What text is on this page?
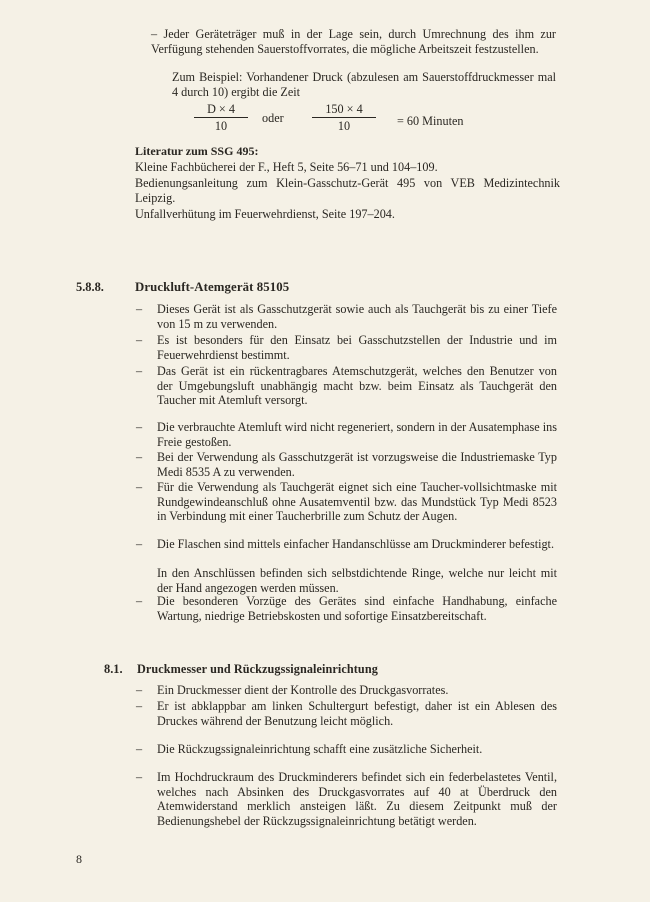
– Jeder Geräteträger muß in der Lage sein, durch Umrechnung des ihm zur Verfügung stehenden Sauerstoffvorrates, die mögliche Arbeitszeit festzustellen.
Zum Beispiel: Vorhandener Druck (abzulesen am Sauerstoffdruckmesser mal 4 durch 10) ergibt die Zeit
D × 4
10
oder
150 × 4
10	= 60 Minuten
Literatur zum SSG 495:
Kleine Fachbücherei der F., Heft 5, Seite 56–71 und 104–109.
Bedienungsanleitung zum Klein-Gasschutz-Gerät 495 von VEB Medizintechnik Leipzig.
Unfallverhütung im Feuerwehrdienst, Seite 197–204.
5.8.8. Druckluft-Atemgerät 85105
– Dieses Gerät ist als Gasschutzgerät sowie auch als Tauchgerät bis zu einer Tiefe von 15 m zu verwenden.
– Es ist besonders für den Einsatz bei Gasschutzstellen der Industrie und im Feuerwehrdienst bestimmt.
– Das Gerät ist ein rückentragbares Atemschutzgerät, welches den Benutzer von der Umgebungsluft unabhängig macht bzw. beim Einsatz als Tauchgerät den Taucher mit Atemluft versorgt.
– Die verbrauchte Atemluft wird nicht regeneriert, sondern in der Ausatemphase ins Freie gestoßen.
– Bei der Verwendung als Gasschutzgerät ist vorzugsweise die Industriemaske Typ Medi 8535 A zu verwenden.
– Für die Verwendung als Tauchgerät eignet sich eine Taucher-vollsichtmaske mit Rundgewindeanschluß ohne Ausatemventil bzw. das Mundstück Typ Medi 8523 in Verbindung mit einer Taucherbrille zum Schutz der Augen.
– Die Flaschen sind mittels einfacher Handanschlüsse am Druckminderer befestigt.
In den Anschlüssen befinden sich selbstdichtende Ringe, welche nur leicht mit der Hand angezogen werden müssen.
– Die besonderen Vorzüge des Gerätes sind einfache Handhabung, einfache Wartung, niedrige Betriebskosten und sofortige Einsatzbereitschaft.
8.1. Druckmesser und Rückzugssignaleinrichtung
– Ein Druckmesser dient der Kontrolle des Druckgasvorrates.
– Er ist abklappbar am linken Schultergurt befestigt, daher ist ein Ablesen des Druckes während der Benutzung leicht möglich.
– Die Rückzugssignaleinrichtung schafft eine zusätzliche Sicherheit.
– Im Hochdruckraum des Druckminderers befindet sich ein federbelastetes Ventil, welches nach Absinken des Druckgasvorrates auf 40 at Überdruck den Atemwiderstand merklich ansteigen läßt. Zu diesem Zeitpunkt muß der Bedienungshebel der Rückzugssignaleinrichtung betätigt werden.
8
